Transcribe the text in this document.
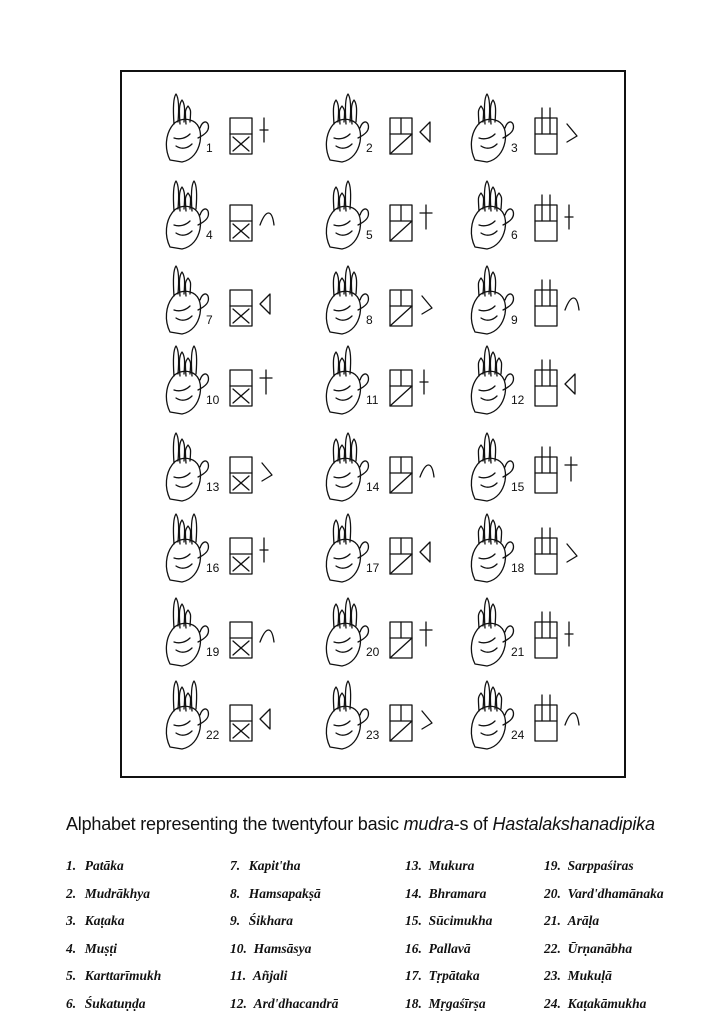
1	2	3
4	5	6
7	8	9
10	11	12
13	14	15
16	17	18
19	20	21
22	23	24
Alphabet representing the twentyfour basic mudra-s of Hastalakshanadipika
1. Patāka
2. Mudrākhya
3. Kaṭaka
4. Muṣṭi
5. Karttarīmukh
6. Śukatuṇḍa
7. Kapit'tha
8. Hamsapakṣā
9. Śikhara
10. Hamsāsya
11. Añjali
12. Ard'dhacandrā
13. Mukura
14. Bhramara
15. Sūcimukha
16. Pallavā
17. Tṛpātaka
18. Mṛgaśīrṣa
19. Sarppaśiras
20. Vard'dhamānaka
21. Arāḷa
22. Ūrṇanābha
23. Mukuḷā
24. Kaṭakāmukha
